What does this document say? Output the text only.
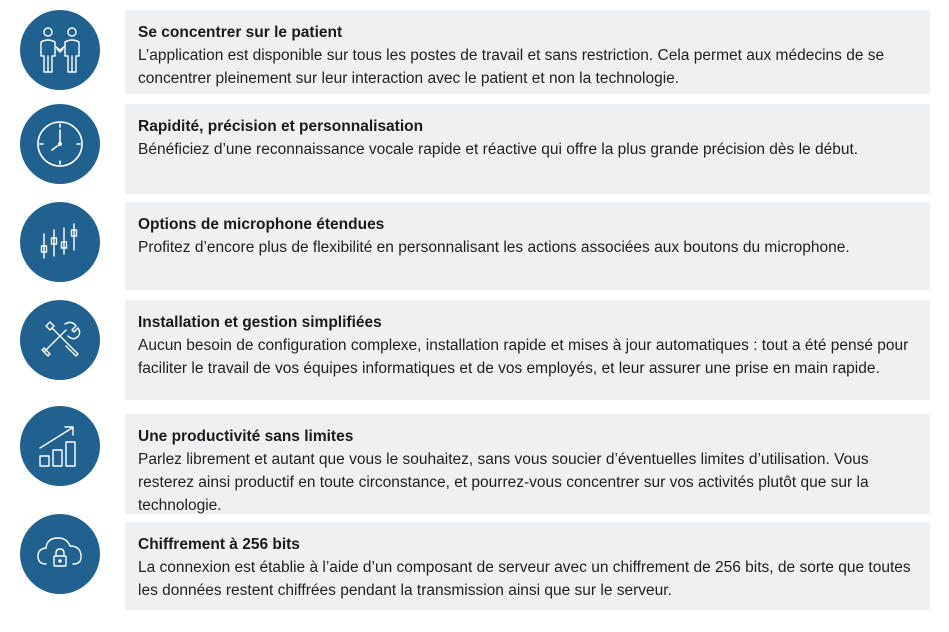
Se concentrer sur le patient
L’application est disponible sur tous les postes de travail et sans restriction. Cela permet aux médecins de se concentrer pleinement sur leur interaction avec le patient et non la technologie.
Rapidité, précision et personnalisation
Bénéficiez d’une reconnaissance vocale rapide et réactive qui offre la plus grande précision dès le début.
Options de microphone étendues
Profitez d’encore plus de flexibilité en personnalisant les actions associées aux boutons du microphone.
Installation et gestion simplifiées
Aucun besoin de configuration complexe, installation rapide et mises à jour automatiques : tout a été pensé pour faciliter le travail de vos équipes informatiques et de vos employés, et leur assurer une prise en main rapide.
Une productivité sans limites
Parlez librement et autant que vous le souhaitez, sans vous soucier d’éventuelles limites d’utilisation. Vous resterez ainsi productif en toute circonstance, et pourrez-vous concentrer sur vos activités plutôt que sur la technologie.
Chiffrement à 256 bits
La connexion est établie à l’aide d’un composant de serveur avec un chiffrement de 256 bits, de sorte que toutes les données restent chiffrées pendant la transmission ainsi que sur le serveur.
